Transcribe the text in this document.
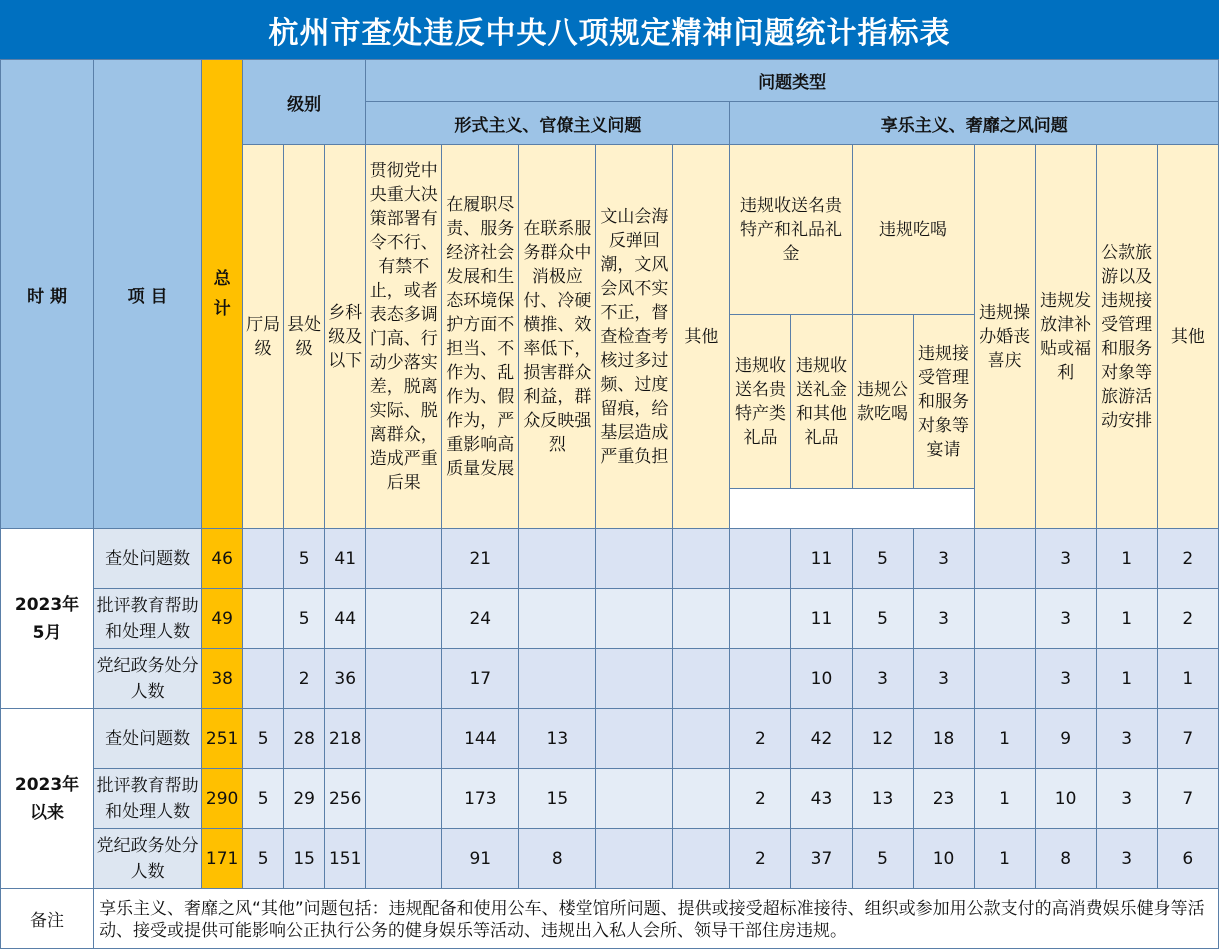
杭州市查处违反中央八项规定精神问题统计指标表
时 期	项 目	总计	级别			问题类型												
						形式主义、官僚主义问题					享乐主义、奢靡之风问题							
			厅局级	县处级	乡科级及以下	贯彻党中央重大决策部署有令不行、有禁不止，或者表态多调门高、行动少落实差，脱离实际、脱离群众，造成严重后果	在履职尽责、服务经济社会发展和生态环境保护方面不担当、不作为、乱作为、假作为，严重影响高质量发展	在联系服务群众中消极应付、冷硬横推、效率低下，损害群众利益，群众反映强烈	文山会海反弹回潮，文风会风不实不正，督查检查考核过多过频、过度留痕，给基层造成严重负担	其他	违规收送名贵特产和礼品礼金		违规吃喝		违规操办婚丧喜庆	违规发放津补贴或福利	公款旅游以及违规接受管理和服务对象等旅游活动安排	其他
											违规收送名贵特产类礼品	违规收送礼金和其他礼品	违规公款吃喝	违规接受管理和服务对象等宴请				

2023年
5月	查处问题数	46		5	41		21					11	5	3		3	1	2
	批评教育帮助和处理人数	49		5	44		24					11	5	3		3	1	2
	党纪政务处分人数	38		2	36		17					10	3	3		3	1	1
2023年
以来	查处问题数	251	5	28	218		144	13			2	42	12	18	1	9	3	7
	批评教育帮助和处理人数	290	5	29	256		173	15			2	43	13	23	1	10	3	7
	党纪政务处分人数	171	5	15	151		91	8			2	37	5	10	1	8	3	6
备注	享乐主义、奢靡之风“其他”问题包括：违规配备和使用公车、楼堂馆所问题、提供或接受超标准接待、组织或参加用公款支付的高消费娱乐健身等活动、接受或提供可能影响公正执行公务的健身娱乐等活动、违规出入私人会所、领导干部住房违规。																	
